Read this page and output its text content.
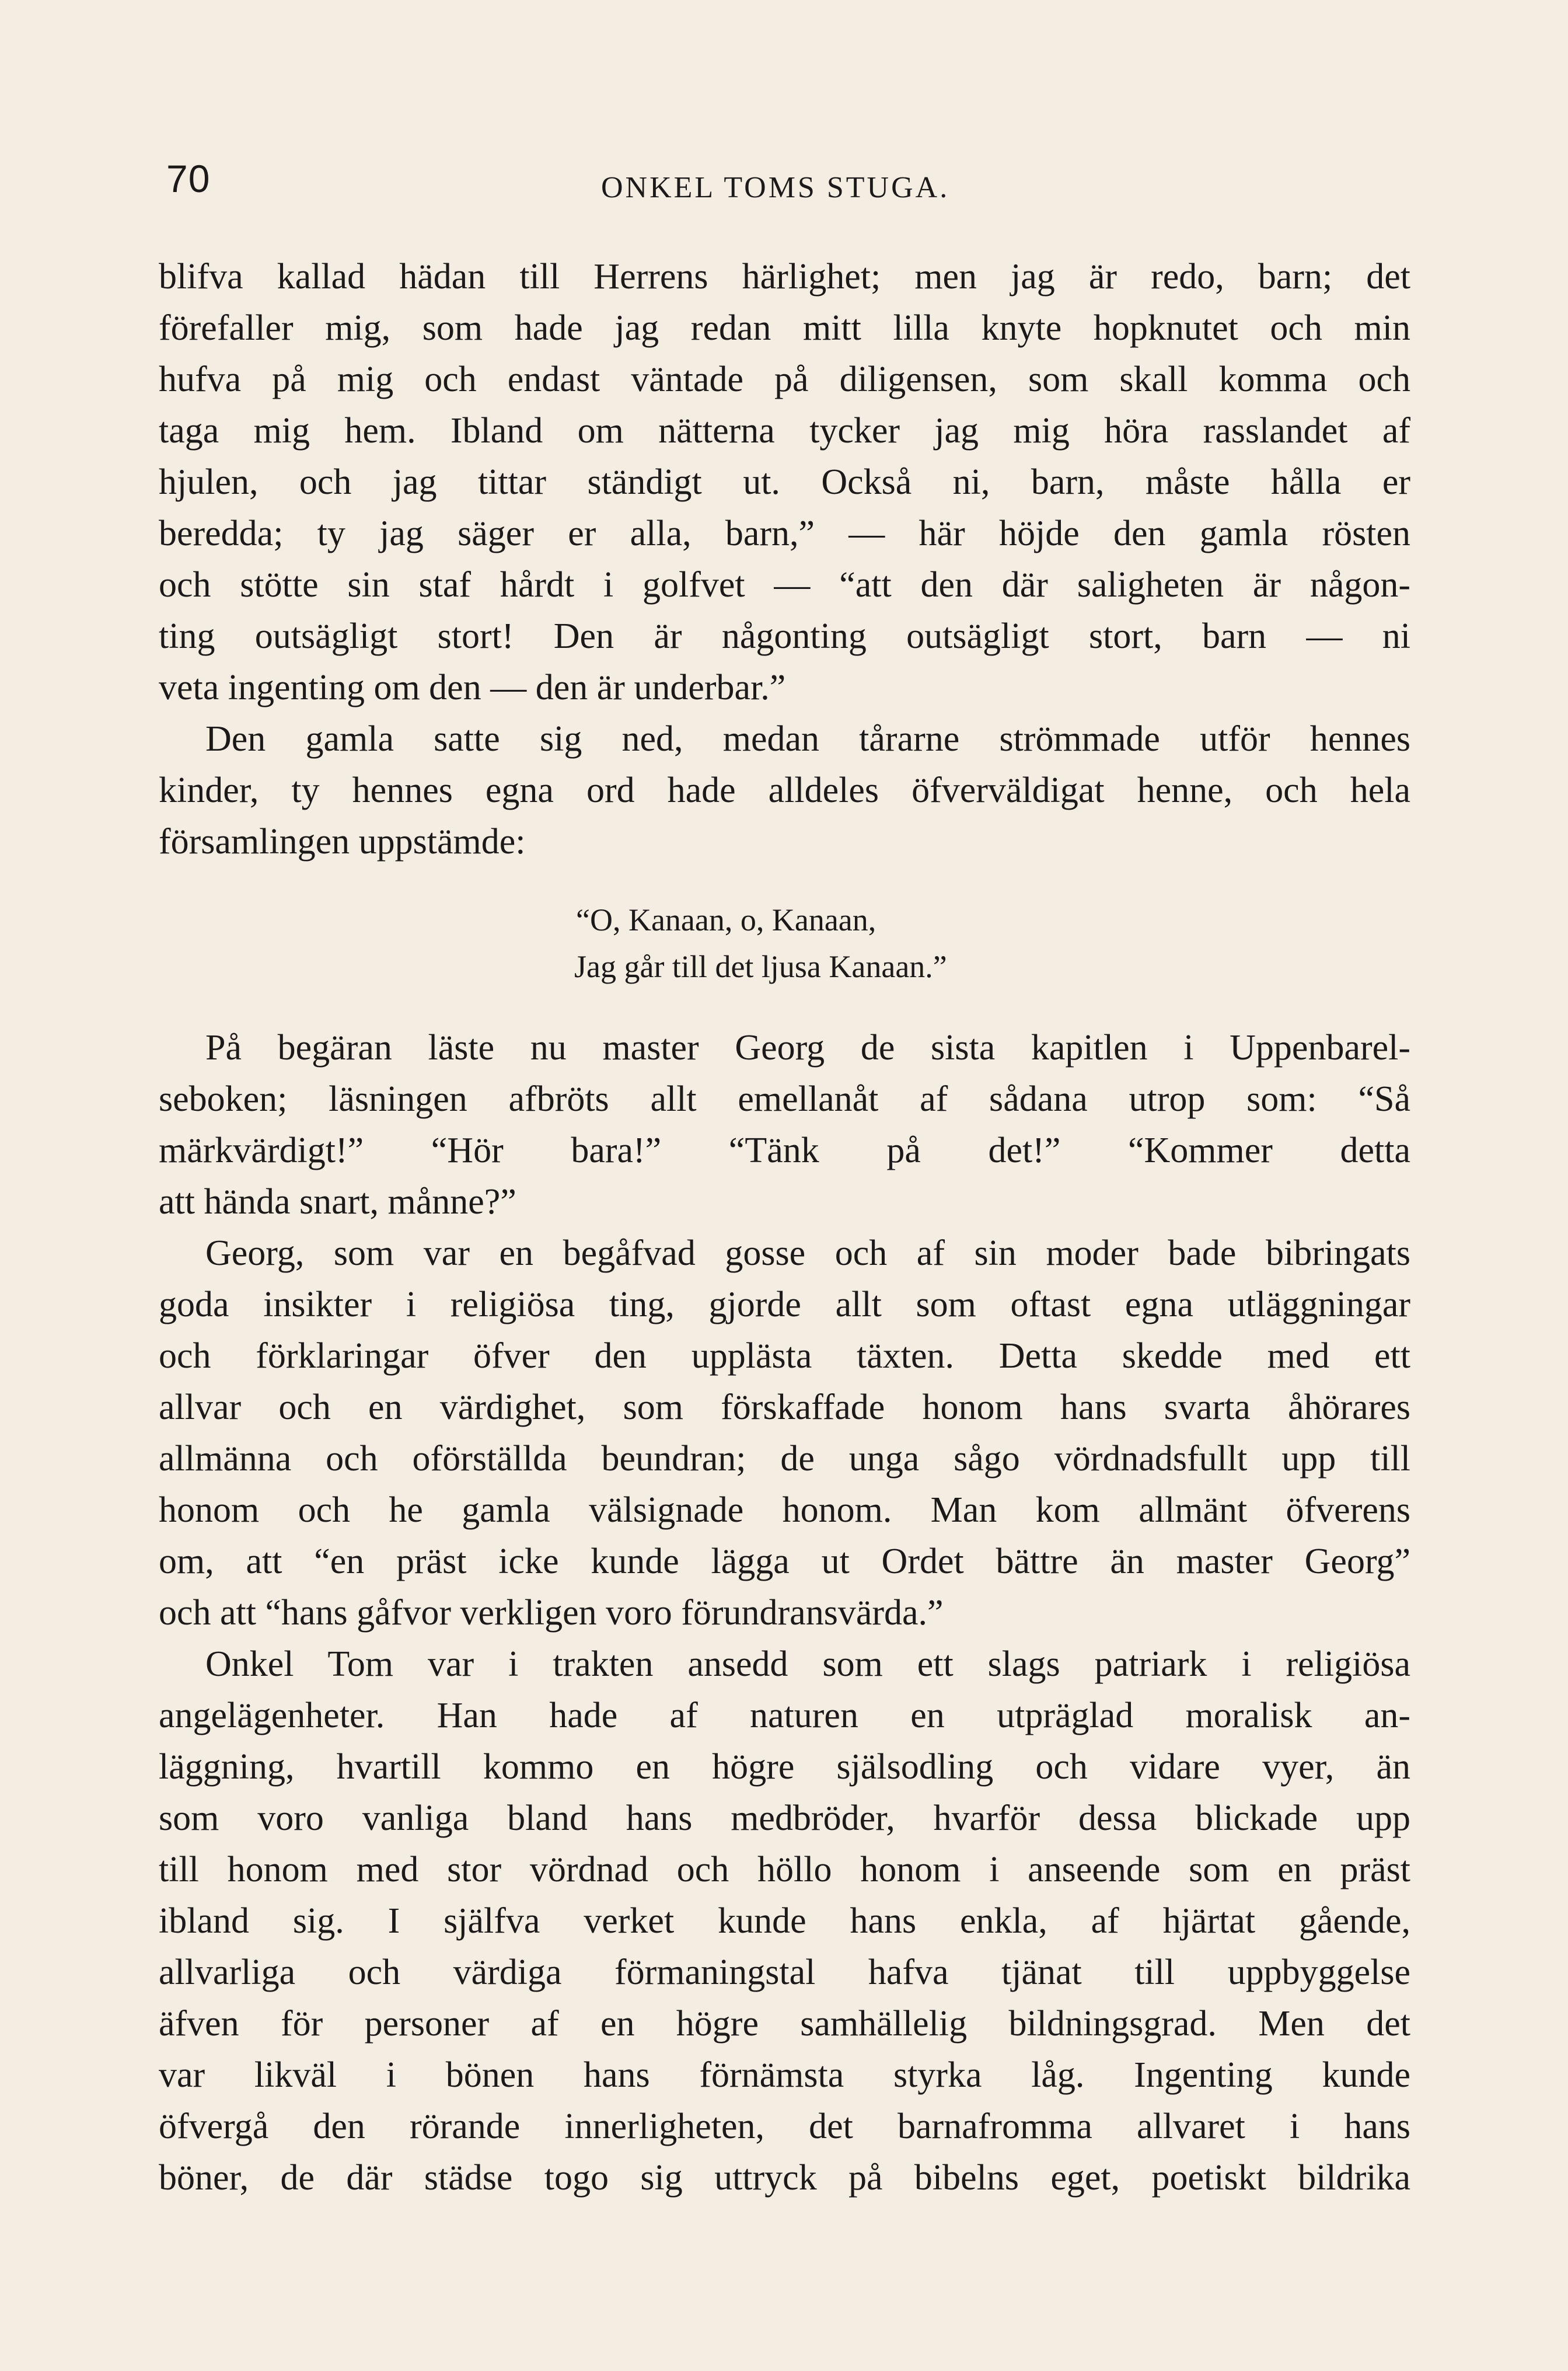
70	ONKEL TOMS STUGA.
blifva kallad hädan till Herrens härlighet; men jag är redo, barn; det
förefaller mig, som hade jag redan mitt lilla knyte hopknutet och min
hufva på mig och endast väntade på diligensen, som skall komma och
taga mig hem. Ibland om nätterna tycker jag mig höra rasslandet af
hjulen, och jag tittar ständigt ut. Också ni, barn, måste hålla er
beredda; ty jag säger er alla, barn,” — här höjde den gamla rösten
och stötte sin staf hårdt i golfvet — “att den där saligheten är någon-
ting outsägligt stort! Den är någonting outsägligt stort, barn — ni
veta ingenting om den — den är underbar.”
Den gamla satte sig ned, medan tårarne strömmade utför hennes
kinder, ty hennes egna ord hade alldeles öfverväldigat henne, och hela
församlingen uppstämde:
“O, Kanaan, o, Kanaan,
Jag går till det ljusa Kanaan.”
På begäran läste nu master Georg de sista kapitlen i Uppenbarel-
seboken; läsningen afbröts allt emellanåt af sådana utrop som: “Så
märkvärdigt!” “Hör bara!” “Tänk på det!” “Kommer detta
att hända snart, månne?”
Georg, som var en begåfvad gosse och af sin moder bade bibringats
goda insikter i religiösa ting, gjorde allt som oftast egna utläggningar
och förklaringar öfver den upplästa täxten. Detta skedde med ett
allvar och en värdighet, som förskaffade honom hans svarta åhörares
allmänna och oförställda beundran; de unga sågo vördnadsfullt upp till
honom och he gamla välsignade honom. Man kom allmänt öfverens
om, att “en präst icke kunde lägga ut Ordet bättre än master Georg”
och att “hans gåfvor verkligen voro förundransvärda.”
Onkel Tom var i trakten ansedd som ett slags patriark i religiösa
angelägenheter. Han hade af naturen en utpräglad moralisk an-
läggning, hvartill kommo en högre själsodling och vidare vyer, än
som voro vanliga bland hans medbröder, hvarför dessa blickade upp
till honom med stor vördnad och höllo honom i anseende som en präst
ibland sig. I själfva verket kunde hans enkla, af hjärtat gående,
allvarliga och värdiga förmaningstal hafva tjänat till uppbyggelse
äfven för personer af en högre samhällelig bildningsgrad. Men det
var likväl i bönen hans förnämsta styrka låg. Ingenting kunde
öfvergå den rörande innerligheten, det barnafromma allvaret i hans
böner, de där städse togo sig uttryck på bibelns eget, poetiskt bildrika
